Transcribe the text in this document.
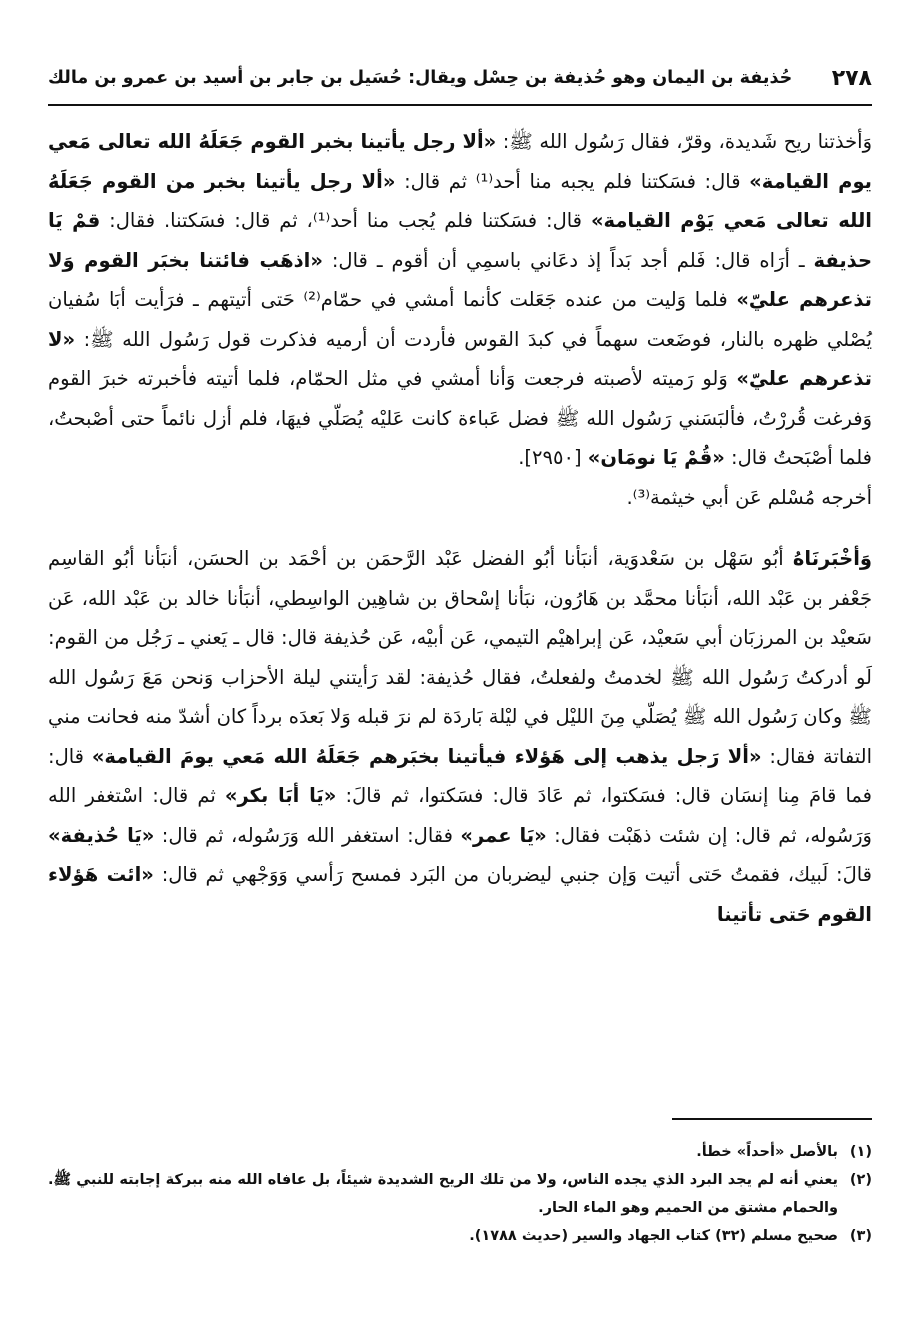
٢٧٨
حُذيفة بن اليمان وهو حُذيفة بن حِسْل ويقال: حُسَيل بن جابر بن أسيد بن عمرو بن مالك

وَأخذتنا ريح شَديدة، وقرّ، فقال رَسُول الله ﷺ: «ألا رجل يأتينا بخبر القوم جَعَلَهُ الله تعالى مَعي يوم القيامة» قال: فسَكتنا فلم يجبه منا أحد⁽¹⁾ ثم قال: «ألا رجل يأتينا بخبر من القوم جَعَلَهُ الله تعالى مَعي يَوْم القيامة» قال: فسَكتنا فلم يُجب منا أحد⁽¹⁾، ثم قال: فسَكتنا. فقال: قمْ يَا حذيفة ـ أرَاه قال: فَلم أجد بَداً إذ دعَاني باسمِي أن أقوم ـ قال: «اذهَب فائتنا بخبَر القوم وَلا تذعرهم عليّ» فلما وَليت من عنده جَعَلت كأنما أمشي في حمّام⁽²⁾ حَتى أتيتهم ـ فرَأيت أبَا سُفيان يُصْلي ظهره بالنار، فوضَعت سهماً في كبدَ القوس فأردت أن أرميه فذكرت قول رَسُول الله ﷺ: «لا تذعرهم عليّ» وَلو رَميته لأصبته فرجعت وَأنا أمشي في مثل الحمّام، فلما أتيته فأخبرته خبرَ القوم وَفرغت قُررْتُ، فألبَسَني رَسُول الله ﷺ فضل عَباءة كانت عَليْه يُصَلّي فيهَا، فلم أزل نائماً حتى أصْبحتُ، فلما أصْبَحتُ قال: «قُمْ يَا نومَان» [٢٩٥٠].

أخرجه مُسْلم عَن أبي خيثمة⁽³⁾.

وَأخْبَرنَاهُ أبُو سَهْل بن سَعْدوَية، أنبَأنا أبُو الفضل عَبْد الرَّحمَن بن أحْمَد بن الحسَن، أنبَأنا أبُو القاسِم جَعْفر بن عَبْد الله، أنبَأنا محمَّد بن هَارُون، نبَأنا إسْحاق بن شاهِين الواسِطي، أنبَأنا خالد بن عَبْد الله، عَن سَعيْد بن المرزبَان أبي سَعيْد، عَن إبراهيْم التيمي، عَن أبيْه، عَن حُذيفة قال: قال ـ يَعني ـ رَجُل من القوم: لَو أدركتُ رَسُول الله ﷺ لخدمتُ ولفعلتُ، فقال حُذيفة: لقد رَأيتني ليلة الأحزاب وَنحن مَعَ رَسُول الله ﷺ وكان رَسُول الله ﷺ يُصَلّي مِنَ الليْل في ليْلة بَاردَة لم نرَ قبله وَلا بَعدَه برداً كان أشدّ منه فحانت مني التفاتة فقال: «ألا رَجل يذهب إلى هَؤلاء فيأتينا بخبَرهم جَعَلَهُ الله مَعي يومَ القيامة» قال: فما قامَ مِنا إنسَان قال: فسَكتوا، ثم عَادَ قال: فسَكتوا، ثم قالَ: «يَا أبَا بكر» ثم قال: اسْتغفر الله وَرَسُوله، ثم قال: إن شئت ذهَبْت فقال: «يَا عمر» فقال: استغفر الله وَرَسُوله، ثم قال: «يَا حُذيفة» قالَ: لَبيك، فقمتُ حَتى أتيت وَإن جنبي ليضربان من البَرد فمسح رَأسي وَوَجْهي ثم قال: «ائت هَؤلاء القوم حَتى تأتينا

(١)
بالأصل «أحداً» خطأ.
(٢)
يعني أنه لم يجد البرد الذي يجده الناس، ولا من تلك الريح الشديدة شيئاً، بل عافاه الله منه ببركة إجابته للنبي ﷺ. والحمام مشتق من الحميم وهو الماء الحار.
(٣)
صحيح مسلم (٣٢) كتاب الجهاد والسير (حديث ١٧٨٨).
